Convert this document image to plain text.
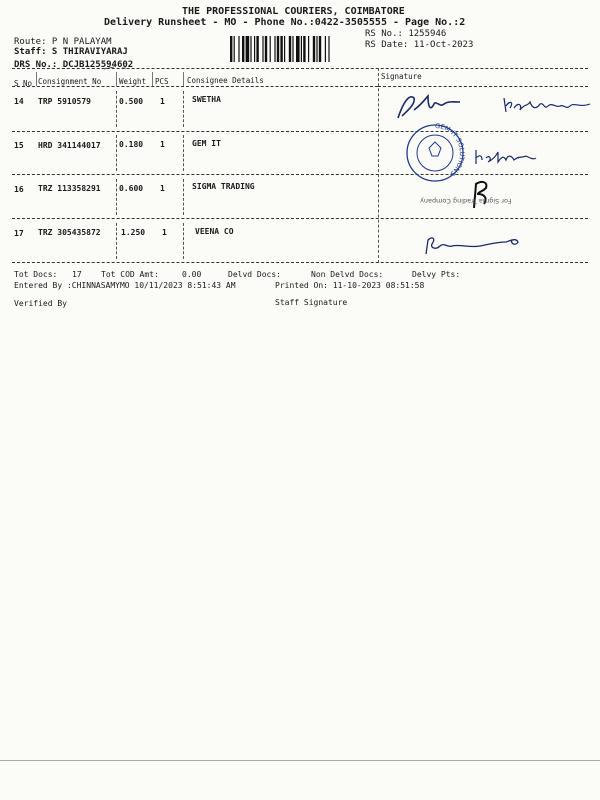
THE PROFESSIONAL COURIERS, COIMBATORE
Delivery Runsheet - MO - Phone No.:0422-3505555 - Page No.:2
Route: P N PALAYAM
Staff: S THIRAVIYARAJ
DRS No.: DCJB125594602
RS No.: 1255946
RS Date: 11-Oct-2023
S No Consignment No Weight PCS Consignee Details	Signature
14 TRP 5910579	0.500 1	SWETHA
15 HRD 341144017 0.180 1	GEM IT
16 TRZ 113358291 0.600 1	SIGMA TRADING
17 TRZ 305435872	1.250 1	VEENA CO
GEM IT SOLUTIONS
For Sigma Trading Company
Tot Docs: 17 Tot COD Amt:	0.00	Delvd Docs:	Non Delvd Docs:	Delvy Pts:
Entered By :CHINNASAMYMO 10/11/2023 8:51:43 AM	Printed On: 11-10-2023 08:51:58
Verified By	Staff Signature
